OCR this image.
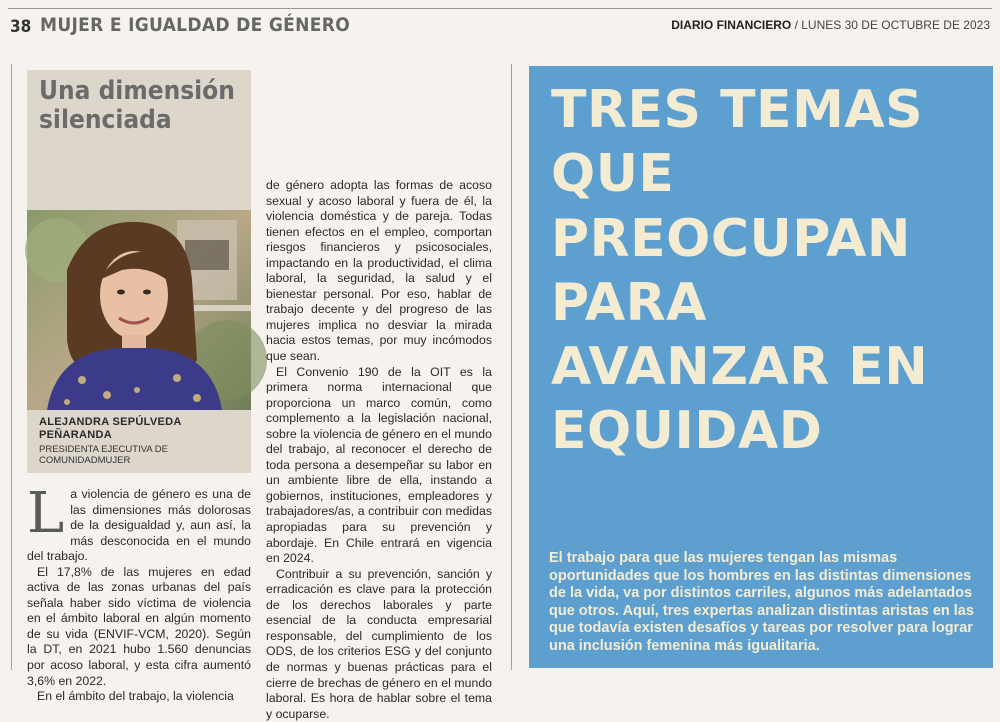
38 MUJER E IGUALDAD DE GÉNERO	DIARIO FINANCIERO / LUNES 30 DE OCTUBRE DE 2023
Una dimensión
silenciada
ALEJANDRA SEPÚLVEDA
PEÑARANDA
PRESIDENTA EJECUTIVA DE
COMUNIDADMUJER

La violencia de género es una de las dimensiones más dolorosas de la desigualdad y, aun así, la más desconocida en el mundo del trabajo.

El 17,8% de las mujeres en edad activa de las zonas urbanas del país señala haber sido víctima de violencia en el ámbito laboral en algún momento de su vida (ENVIF-VCM, 2020). Según la DT, en 2021 hubo 1.560 denuncias por acoso laboral, y esta cifra aumentó 3,6% en 2022.

En el ámbito del trabajo, la violencia

de género adopta las formas de acoso sexual y acoso laboral y fuera de él, la violencia doméstica y de pareja. Todas tienen efectos en el empleo, comportan riesgos financieros y psicosociales, impactando en la productividad, el clima laboral, la seguridad, la salud y el bienestar personal. Por eso, hablar de trabajo decente y del progreso de las mujeres implica no desviar la mirada hacia estos temas, por muy incómodos que sean.

El Convenio 190 de la OIT es la primera norma internacional que proporciona un marco común, como complemento a la legislación nacional, sobre la violencia de género en el mundo del trabajo, al reconocer el derecho de toda persona a desempeñar su labor en un ambiente libre de ella, instando a gobiernos, instituciones, empleadores y trabajadores/as, a contribuir con medidas apropiadas para su prevención y abordaje. En Chile entrará en vigencia en 2024.

Contribuir a su prevención, sanción y erradicación es clave para la protección de los derechos laborales y parte esencial de la conducta empresarial responsable, del cumplimiento de los ODS, de los criterios ESG y del conjunto de normas y buenas prácticas para el cierre de brechas de género en el mundo laboral. Es hora de hablar sobre el tema y ocuparse.

TRES TEMAS
QUE
PREOCUPAN
PARA
AVANZAR EN
EQUIDAD
El trabajo para que las mujeres tengan las mismas oportunidades que los hombres en las distintas dimensiones de la vida, va por distintos carriles, algunos más adelantados que otros. Aquí, tres expertas analizan distintas aristas en las que todavía existen desafíos y tareas por resolver para lograr una inclusión femenina más igualitaria.
